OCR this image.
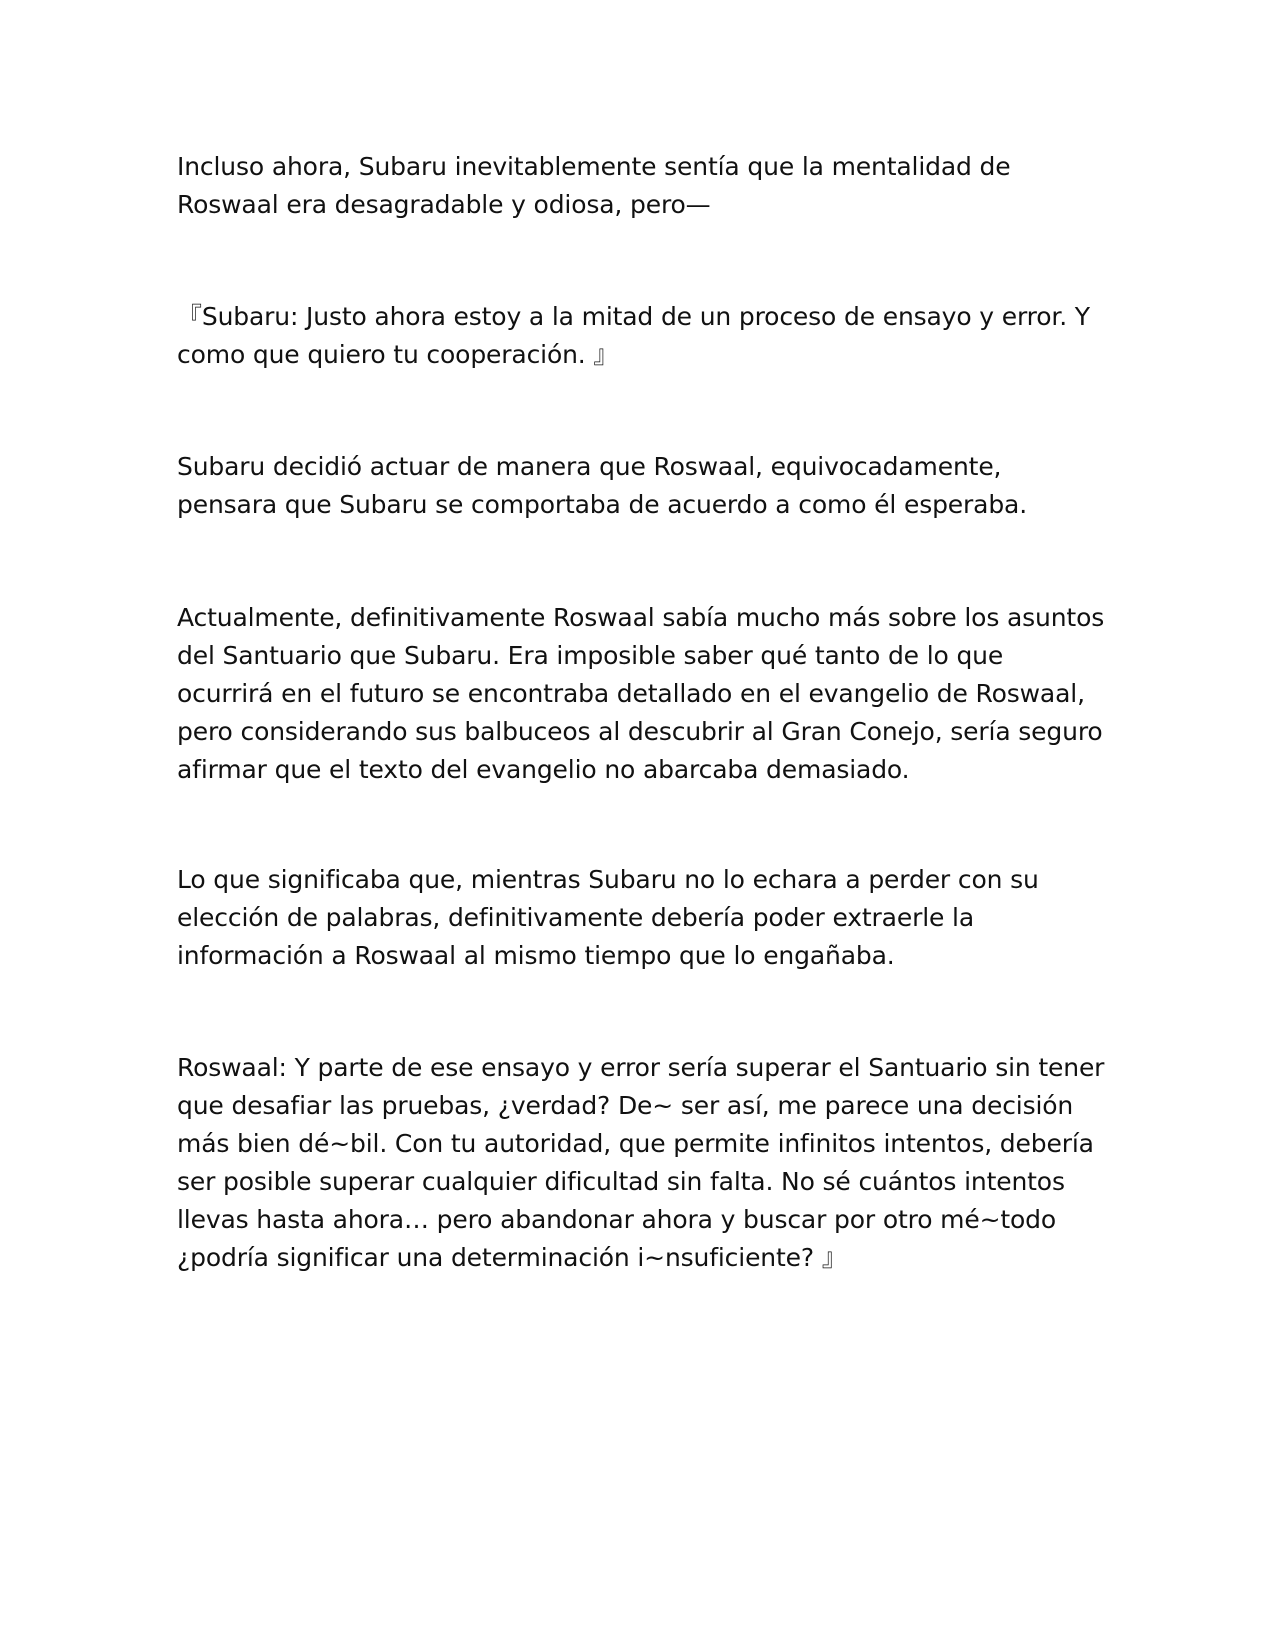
Incluso ahora, Subaru inevitablemente sentía que la mentalidad de Roswaal era desagradable y odiosa, pero—

『Subaru: Justo ahora estoy a la mitad de un proceso de ensayo y error. Y como que quiero tu cooperación. 』

Subaru decidió actuar de manera que Roswaal, equivocadamente, pensara que Subaru se comportaba de acuerdo a como él esperaba.

Actualmente, definitivamente Roswaal sabía mucho más sobre los asuntos del Santuario que Subaru. Era imposible saber qué tanto de lo que ocurrirá en el futuro se encontraba detallado en el evangelio de Roswaal, pero considerando sus balbuceos al descubrir al Gran Conejo, sería seguro afirmar que el texto del evangelio no abarcaba demasiado.

Lo que significaba que, mientras Subaru no lo echara a perder con su elección de palabras, definitivamente debería poder extraerle la información a Roswaal al mismo tiempo que lo engañaba.

Roswaal: Y parte de ese ensayo y error sería superar el Santuario sin tener que desafiar las pruebas, ¿verdad? De~ ser así, me parece una decisión más bien dé~bil. Con tu autoridad, que permite infinitos intentos, debería ser posible superar cualquier dificultad sin falta. No sé cuántos intentos llevas hasta ahora… pero abandonar ahora y buscar por otro mé~todo ¿podría significar una determinación i~nsuficiente? 』
